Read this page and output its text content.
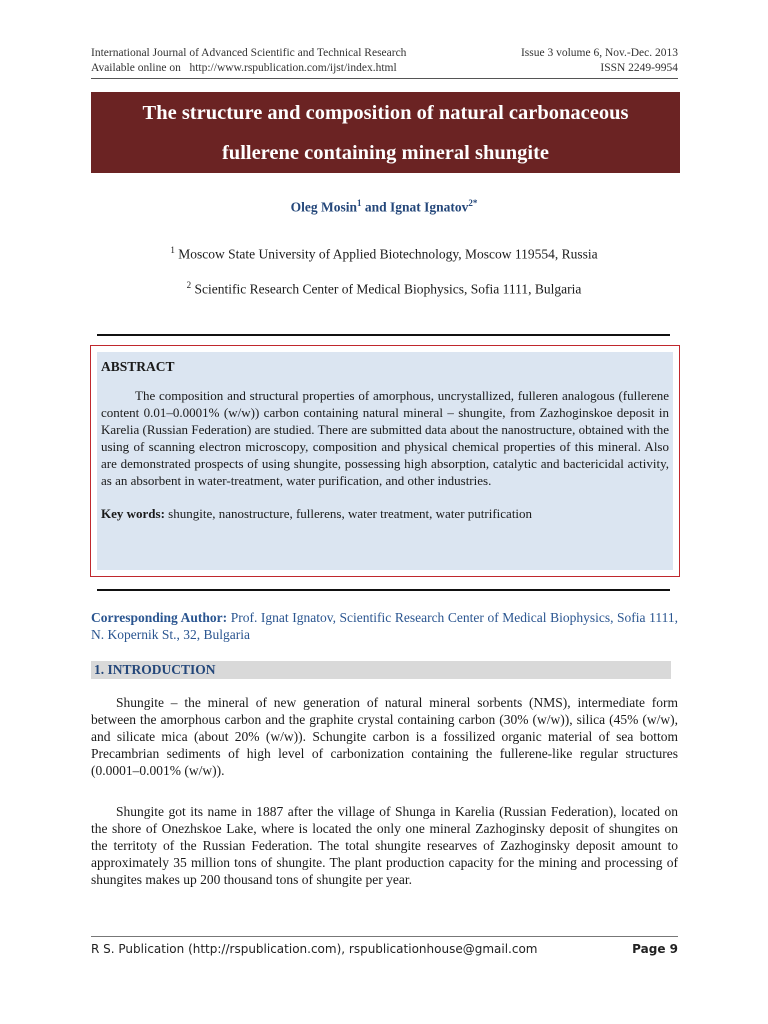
International Journal of Advanced Scientific and Technical Research	Issue 3 volume 6, Nov.-Dec. 2013
Available online on   http://www.rspublication.com/ijst/index.html	ISSN 2249-9954
The structure and composition of natural carbonaceous
fullerene containing mineral shungite
Oleg Mosin$^1$ and Ignat Ignatov$^{2*}$
$^1$ Moscow State University of Applied Biotechnology, Moscow 119554, Russia
$^2$ Scientific Research Center of Medical Biophysics, Sofia 1111, Bulgaria
ABSTRACT
The composition and structural properties of amorphous, uncrystallized, fulleren analogous (fullerene content 0.01–0.0001% (w/w)) carbon containing natural mineral – shungite, from Zazhoginskoe deposit in Karelia (Russian Federation) are studied. There are submitted data about the nanostructure, obtained with the using of scanning electron microscopy, composition and physical chemical properties of this mineral. Also are demonstrated prospects of using shungite, possessing high absorption, catalytic and bactericidal activity, as an absorbent in water-treatment, water purification, and other industries.
Key words: shungite, nanostructure, fullerens, water treatment, water putrification
Corresponding Author: Prof. Ignat Ignatov, Scientific Research Center of Medical Biophysics, Sofia 1111, N. Kopernik St., 32, Bulgaria
1. INTRODUCTION
Shungite – the mineral of new generation of natural mineral sorbents (NMS), intermediate form between the amorphous carbon and the graphite crystal containing carbon (30% (w/w)), silica (45% (w/w), and silicate mica (about 20% (w/w)). Schungite carbon is a fossilized organic material of sea bottom Precambrian sediments of high level of carbonization containing the fullerene-like regular structures (0.0001–0.001% (w/w)).
Shungite got its name in 1887 after the village of Shunga in Karelia (Russian Federation), located on the shore of Onezhskoe Lake, where is located the only one mineral Zazhoginsky deposit of shungites on the territoty of the Russian Federation. The total shungite researves of Zazhoginsky deposit amount to approximately 35 million tons of shungite. The plant production capacity for the mining and processing of shungites makes up 200 thousand tons of shungite per year.
R S. Publication (http://rspublication.com), rspublicationhouse@gmail.com	Page 9
